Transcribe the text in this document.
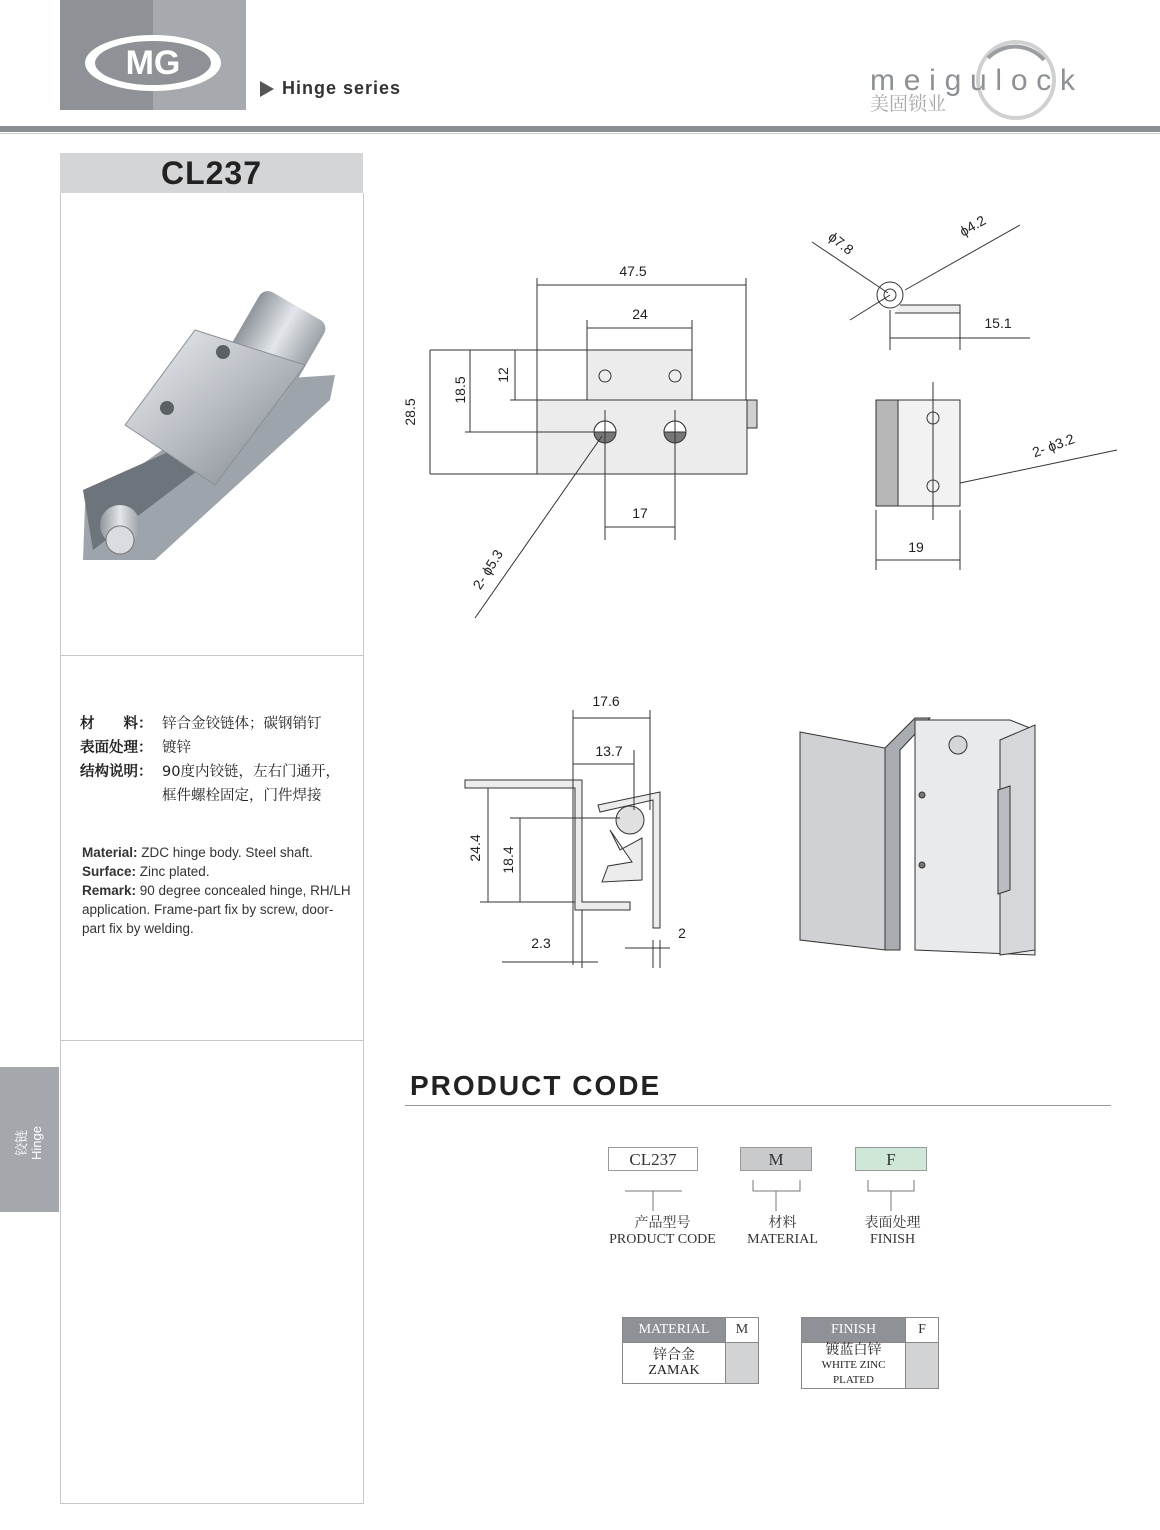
MG
Hinge series	meigulock
美固锁业
CL237
材　　料： 锌合金铰链体；碳钢销钉
表面处理： 镀锌
结构说明： 90度内铰链，左右门通开，
框件螺栓固定，门件焊接
Material: ZDC hinge body. Steel shaft.
Surface: Zinc plated.
Remark: 90 degree concealed hinge, RH/LH application. Frame-part fix by screw, door-part fix by welding.
铰链 Hinge
47.5
24
28.5
18.5
12
17
2- ϕ5.3
ϕ7.8
ϕ4.2
15.1
2- ϕ3.2
19
17.6
13.7
24.4 18.4
2.3
2
PRODUCT CODE
CL237	M	F
产品型号
PRODUCT CODE
材料
MATERIAL
表面处理
FINISH
MATERIAL	M

锌合金
ZAMAK	

FINISH	F

镀蓝白锌
WHITE ZINC PLATED	
